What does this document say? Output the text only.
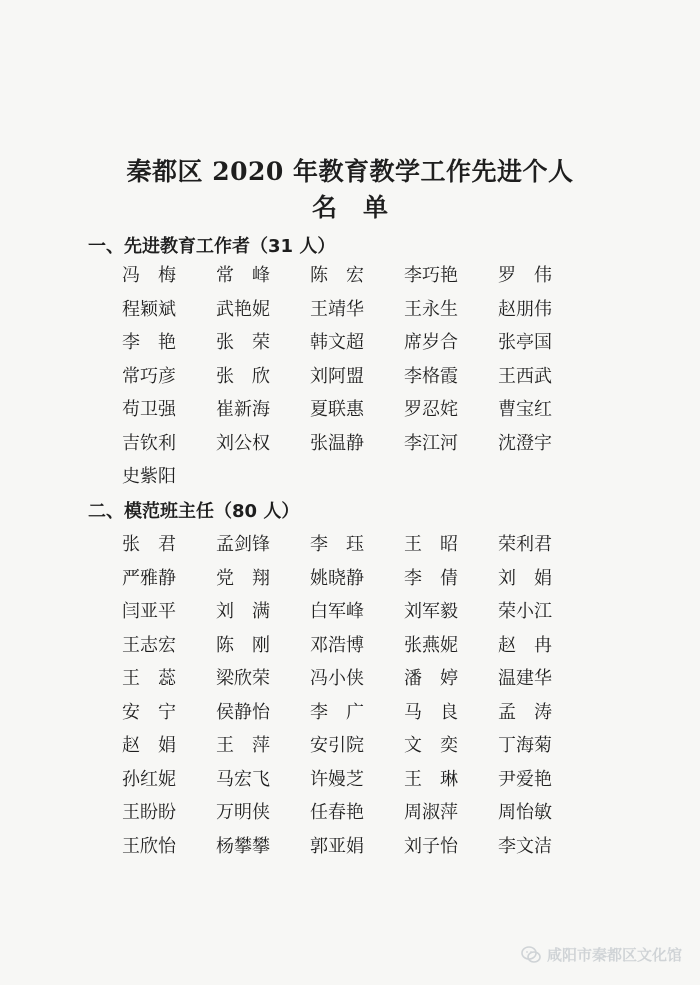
秦都区 2020 年教育教学工作先进个人
名单
一、先进教育工作者（31 人）
冯梅	常峰	陈宏	李巧艳	罗伟
程颖斌	武艳妮	王靖华	王永生	赵朋伟
李艳	张荣	韩文超	席岁合	张亭国
常巧彦	张欣	刘阿盟	李格霞	王西武
苟卫强	崔新海	夏联惠	罗忍姹	曹宝红
吉钦利	刘公权	张温静	李江河	沈澄宇
史紫阳
二、模范班主任（80 人）
张君	孟剑锋	李珏	王昭	荣利君
严雅静	党翔	姚晓静	李倩	刘娟
闫亚平	刘满	白军峰	刘军毅	荣小江
王志宏	陈刚	邓浩博	张燕妮	赵冉
王蕊	梁欣荣	冯小侠	潘婷	温建华
安宁	侯静怡	李广	马良	孟涛
赵娟	王萍	安引院	文奕	丁海菊
孙红妮	马宏飞	许嫚芝	王琳	尹爱艳
王盼盼	万明侠	任春艳	周淑萍	周怡敏
王欣怡	杨攀攀	郭亚娟	刘子怡	李文洁
咸阳市秦都区文化馆
